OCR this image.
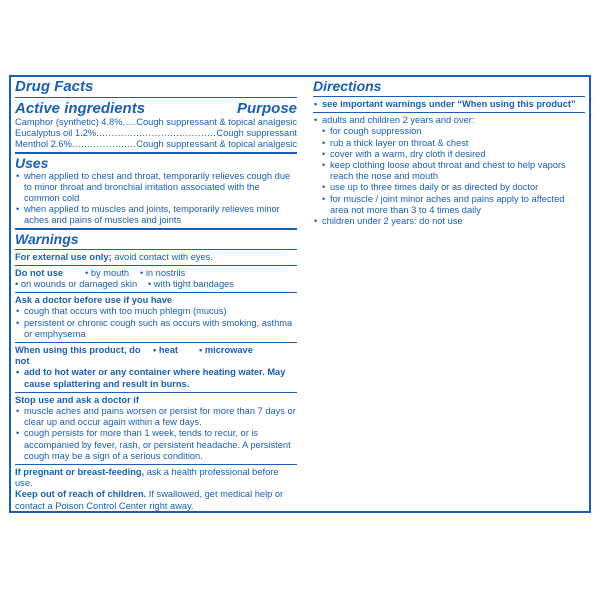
Drug Facts
Active ingredients	Purpose
Camphor (synthetic) 4.8% ..... Cough suppressant & topical analgesic
Eucalyptus oil 1.2% .....	Cough suppressant
Menthol 2.6% .....	Cough suppressant & topical analgesic
Uses
• when applied to chest and throat, temporarily relieves cough due to minor throat and bronchial irritation associated with the common cold
• when applied to muscles and joints, temporarily relieves minor aches and pains of muscles and joints
Warnings

For external use only; avoid contact with eyes.

Do not use	• by mouth	• in nostrils
• on wounds or damaged skin	• with tight bandages

Ask a doctor before use if you have

• cough that occurs with too much phlegm (mucus)
• persistent or chronic cough such as occurs with smoking, asthma or emphysema
When using this product, do not
• heat	• microwave
• add to hot water or any container where heating water. May cause splattering and result in burns.

Stop use and ask a doctor if

• muscle aches and pains worsen or persist for more than 7 days or clear up and occur again within a few days.
• cough persists for more than 1 week, tends to recur, or is accompanied by fever, rash, or persistent headache. A persistent cough may be a sign of a serious condition.

If pregnant or breast-feeding, ask a health professional before use.

Keep out of reach of children. If swallowed, get medical help or contact a Poison Control Center right away.

Directions
• see important warnings under “When using this product”
• adults and children 2 years and over:
• for cough suppression
• rub a thick layer on throat & chest
• cover with a warm, dry cloth if desired
• keep clothing loose about throat and chest to help vapors reach the nose and mouth
• use up to three times daily or as directed by doctor
• for muscle / joint minor aches and pains apply to affected area not more than 3 to 4 times daily
• children under 2 years: do not use
